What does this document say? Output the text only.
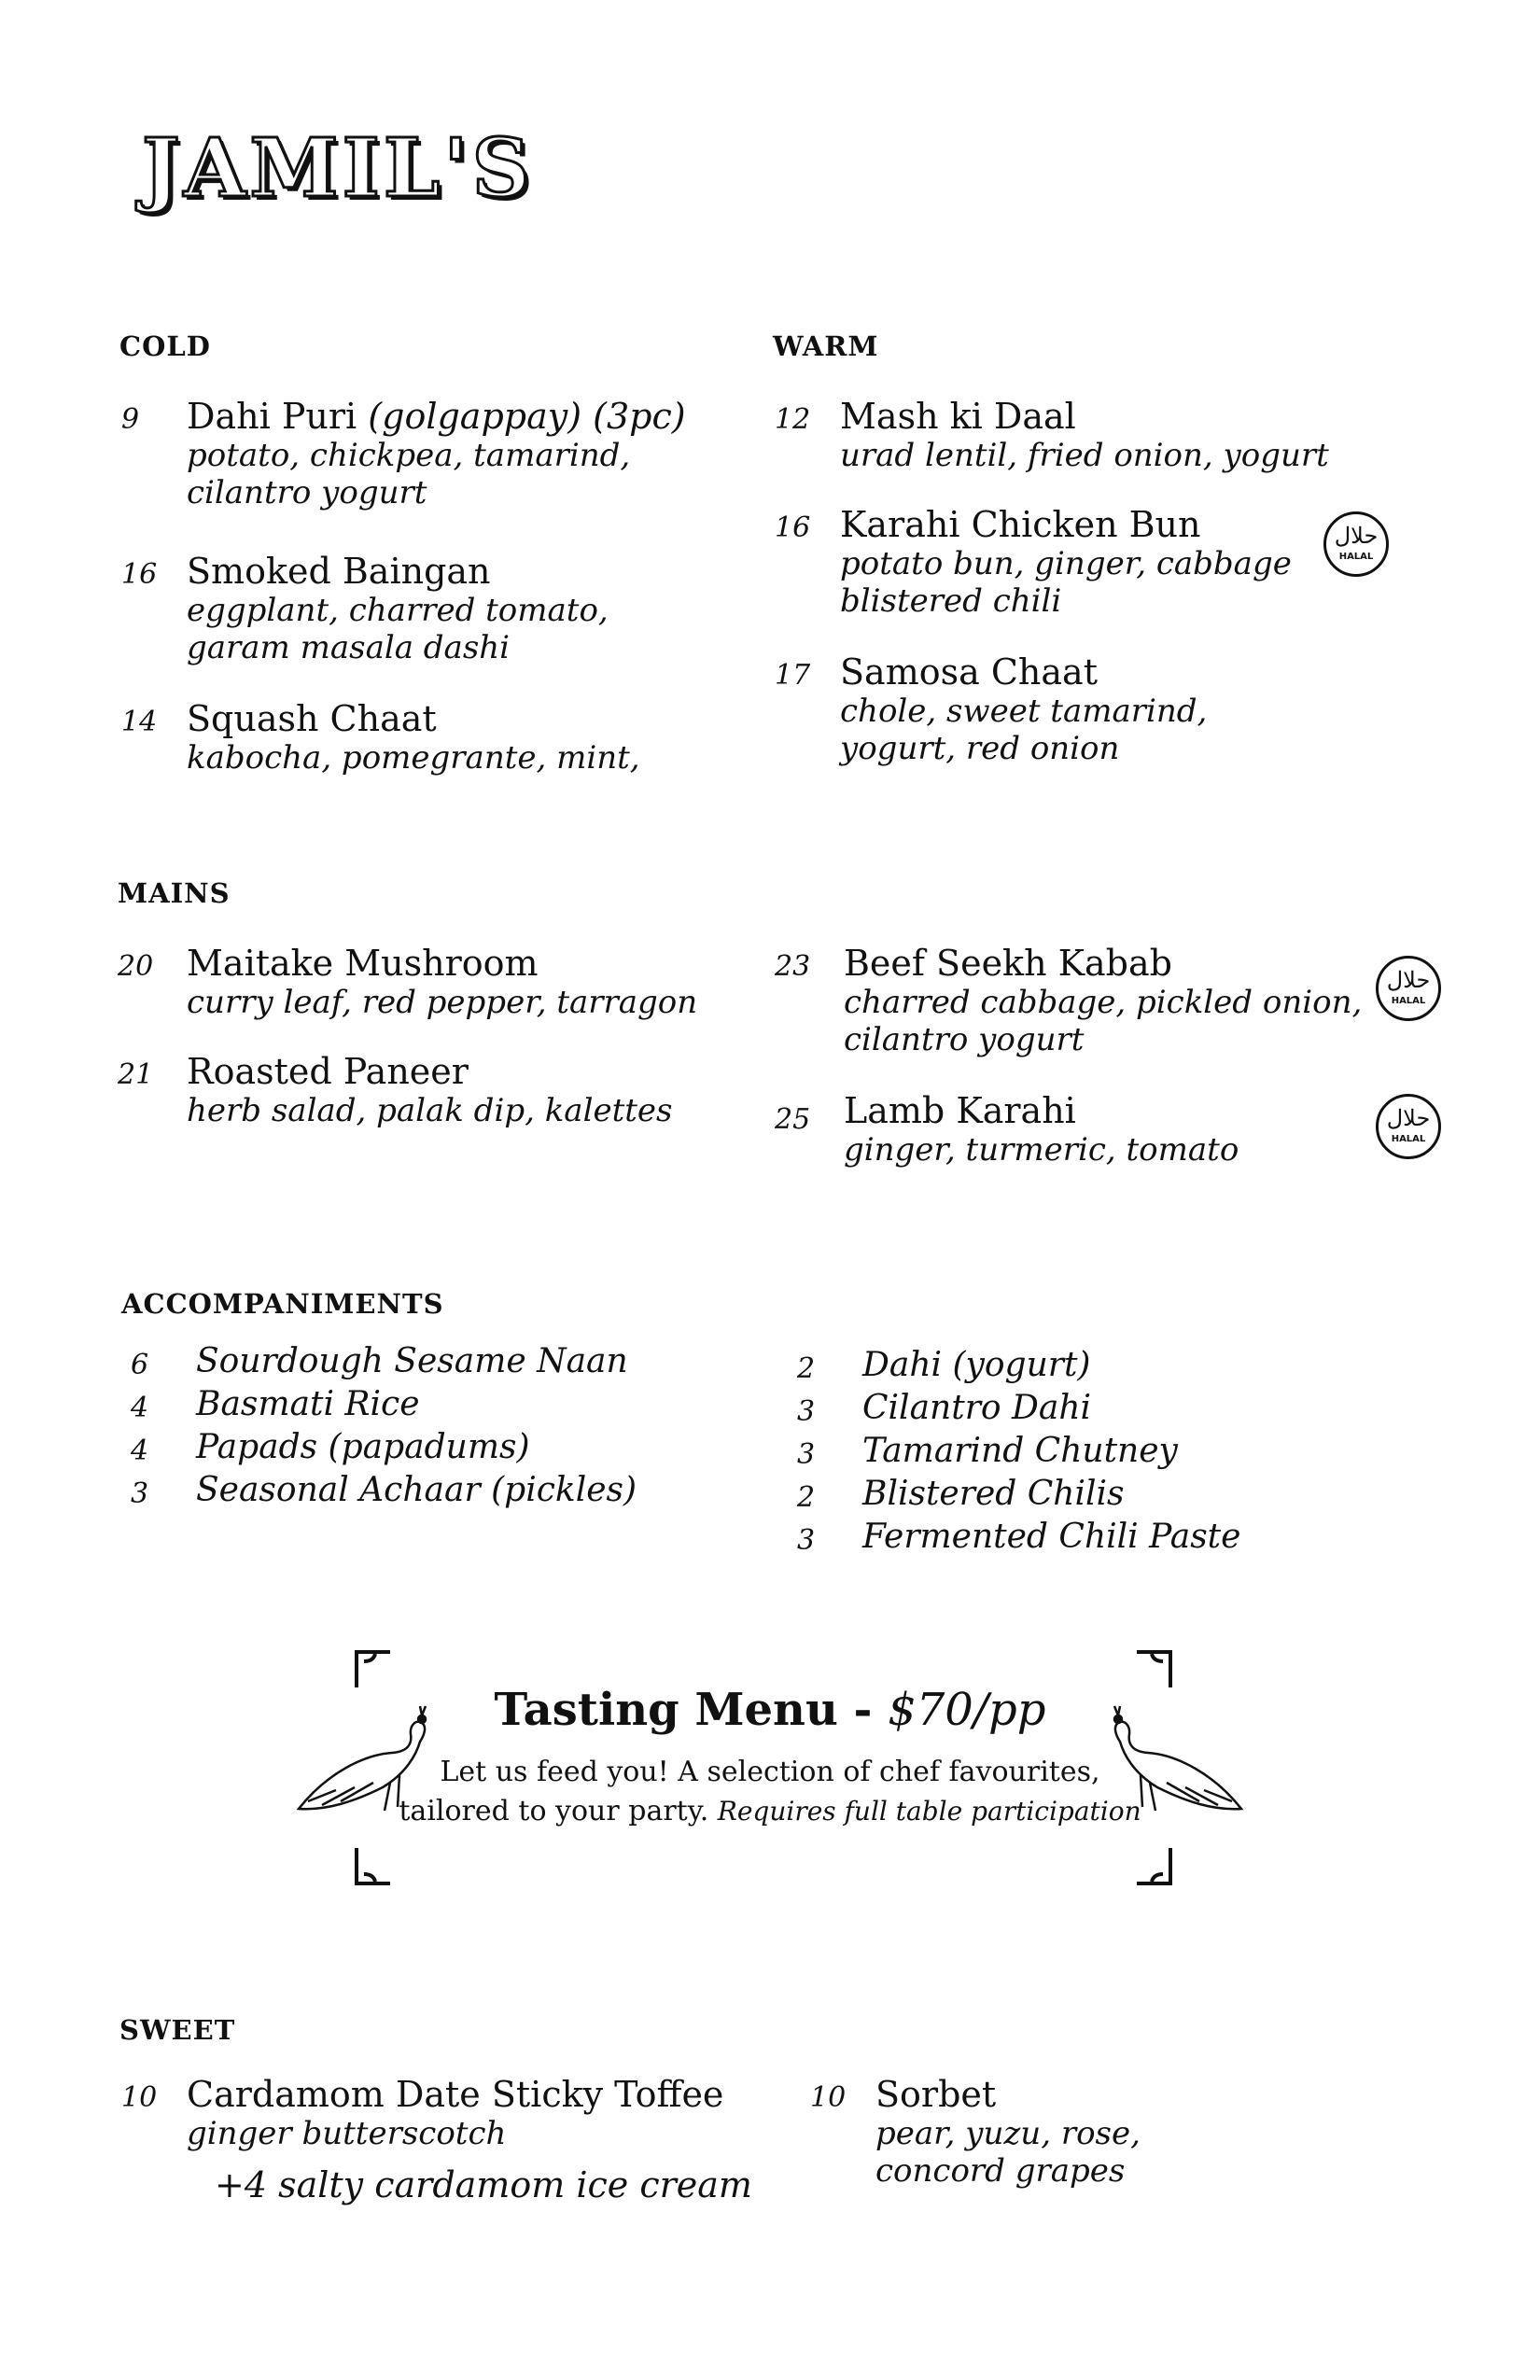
JAMIL'S
COLD
9	Dahi Puri (golgappay) (3pc)
potato, chickpea, tamarind,
cilantro yogurt
16 Smoked Baingan
eggplant, charred tomato,
garam masala dashi
14 Squash Chaat
kabocha, pomegrante, mint,
WARM
12 Mash ki Daal
urad lentil, fried onion, yogurt
16 Karahi Chicken Bun
potato bun, ginger, cabbage
blistered chili
حلال
HALAL
17 Samosa Chaat
chole, sweet tamarind,
yogurt, red onion
MAINS
20 Maitake Mushroom
curry leaf, red pepper, tarragon
21 Roasted Paneer
herb salad, palak dip, kalettes
23 Beef Seekh Kabab
charred cabbage, pickled onion,
cilantro yogurt
حلال
HALAL
25 Lamb Karahi
ginger, turmeric, tomato
حلال
HALAL
ACCOMPANIMENTS
6	Sourdough Sesame Naan
4	Basmati Rice
4	Papads (papadums)
3	Seasonal Achaar (pickles)
2	Dahi (yogurt)
3	Cilantro Dahi
3	Tamarind Chutney
2	Blistered Chilis
3	Fermented Chili Paste
Tasting Menu - $70/pp
Let us feed you! A selection of chef favourites,
tailored to your party. Requires full table participation
SWEET
10 Cardamom Date Sticky Toffee
ginger butterscotch
+4 salty cardamom ice cream
10 Sorbet
pear, yuzu, rose,
concord grapes
